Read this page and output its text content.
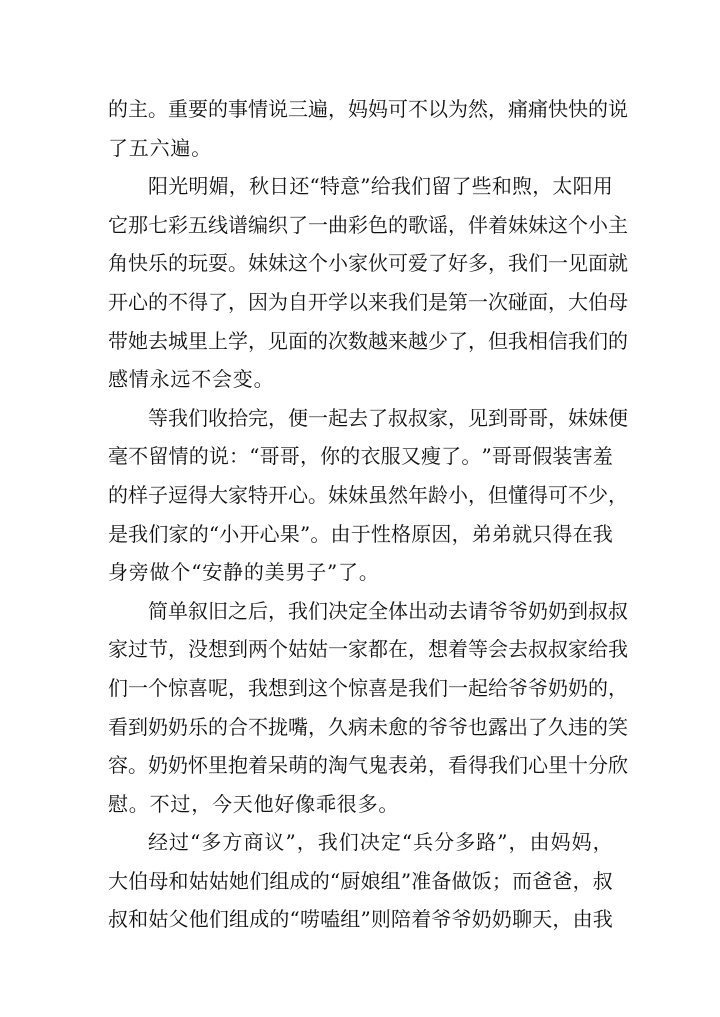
的 主 。 重 要 的 事 情 说 三 遍 ， 妈 妈 可 不 以 为 然 ， 痛 痛 快 快 的 说
了 五 六 遍 。
阳 光 明 媚 ， 秋 日 还 “ 特 意 ” 给 我 们 留 了 些 和 煦 ， 太 阳 用
它 那 七 彩 五 线 谱 编 织 了 一 曲 彩 色 的 歌 谣 ， 伴 着 妹 妹 这 个 小 主
角 快 乐 的 玩 耍 。 妹 妹 这 个 小 家 伙 可 爱 了 好 多 ， 我 们 一 见 面 就
开 心 的 不 得 了 ， 因 为 自 开 学 以 来 我 们 是 第 一 次 碰 面 ， 大 伯 母
带 她 去 城 里 上 学 ， 见 面 的 次 数 越 来 越 少 了 ， 但 我 相 信 我 们 的
感 情 永 远 不 会 变 。
等 我 们 收 拾 完 ， 便 一 起 去 了 叔 叔 家 ， 见 到 哥 哥 ， 妹 妹 便
毫 不 留 情 的 说 ： “ 哥 哥 ， 你 的 衣 服 又 瘦 了 。 ” 哥 哥 假 装 害 羞
的 样 子 逗 得 大 家 特 开 心 。 妹 妹 虽 然 年 龄 小 ， 但 懂 得 可 不 少 ，
是 我 们 家 的 “ 小 开 心 果 ” 。 由 于 性 格 原 因 ， 弟 弟 就 只 得 在 我
身 旁 做 个 “ 安 静 的 美 男 子 ” 了 。
简 单 叙 旧 之 后 ， 我 们 决 定 全 体 出 动 去 请 爷 爷 奶 奶 到 叔 叔
家 过 节 ， 没 想 到 两 个 姑 姑 一 家 都 在 ， 想 着 等 会 去 叔 叔 家 给 我
们 一 个 惊 喜 呢 ， 我 想 到 这 个 惊 喜 是 我 们 一 起 给 爷 爷 奶 奶 的 ，
看 到 奶 奶 乐 的 合 不 拢 嘴 ， 久 病 未 愈 的 爷 爷 也 露 出 了 久 违 的 笑
容 。 奶 奶 怀 里 抱 着 呆 萌 的 淘 气 鬼 表 弟 ， 看 得 我 们 心 里 十 分 欣
慰 。 不 过 ， 今 天 他 好 像 乖 很 多 。
经 过 “ 多 方 商 议 ” ， 我 们 决 定 “ 兵 分 多 路 ” ， 由 妈 妈 ，
大 伯 母 和 姑 姑 她 们 组 成 的 “ 厨 娘 组 ” 准 备 做 饭 ； 而 爸 爸 ， 叔
叔 和 姑 父 他 们 组 成 的 “ 唠 嗑 组 ” 则 陪 着 爷 爷 奶 奶 聊 天 ， 由 我
